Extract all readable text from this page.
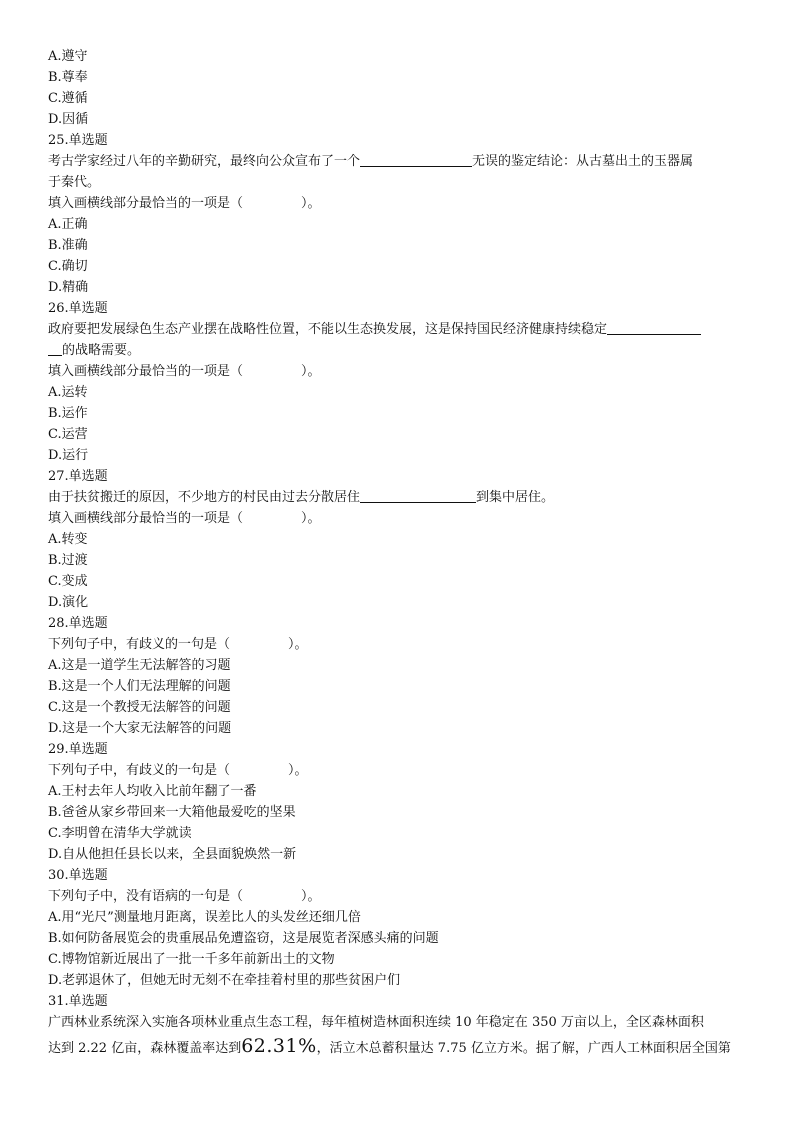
A.遵守
B.尊奉
C.遵循
D.因循
25.单选题
考古学家经过八年的辛勤研究，最终向公众宣布了一个	无误的鉴定结论：从古墓出土的玉器属
于秦代。
填入画横线部分最恰当的一项是（	）。
A.正确
B.准确
C.确切
D.精确
26.单选题
政府要把发展绿色生态产业摆在战略性位置，不能以生态换发展，这是保持国民经济健康持续稳定
的战略需要。
填入画横线部分最恰当的一项是（	）。
A.运转
B.运作
C.运营
D.运行
27.单选题
由于扶贫搬迁的原因，不少地方的村民由过去分散居住	到集中居住。
填入画横线部分最恰当的一项是（	）。
A.转变
B.过渡
C.变成
D.演化
28.单选题
下列句子中，有歧义的一句是（	）。
A.这是一道学生无法解答的习题
B.这是一个人们无法理解的问题
C.这是一个教授无法解答的问题
D.这是一个大家无法解答的问题
29.单选题
下列句子中，有歧义的一句是（	）。
A.王村去年人均收入比前年翻了一番
B.爸爸从家乡带回来一大箱他最爱吃的坚果
C.李明曾在清华大学就读
D.自从他担任县长以来，全县面貌焕然一新
30.单选题
下列句子中，没有语病的一句是（	）。
A.用“光尺”测量地月距离，误差比人的头发丝还细几倍
B.如何防备展览会的贵重展品免遭盗窃，这是展览者深感头痛的问题
C.博物馆新近展出了一批一千多年前新出土的文物
D.老郭退休了，但她无时无刻不在牵挂着村里的那些贫困户们
31.单选题
广西林业系统深入实施各项林业重点生态工程，每年植树造林面积连续 10 年稳定在 350 万亩以上，全区森林面积
达到 2.22 亿亩，森林覆盖率达到62.31%，活立木总蓄积量达 7.75 亿立方米。据了解，广西人工林面积居全国第
